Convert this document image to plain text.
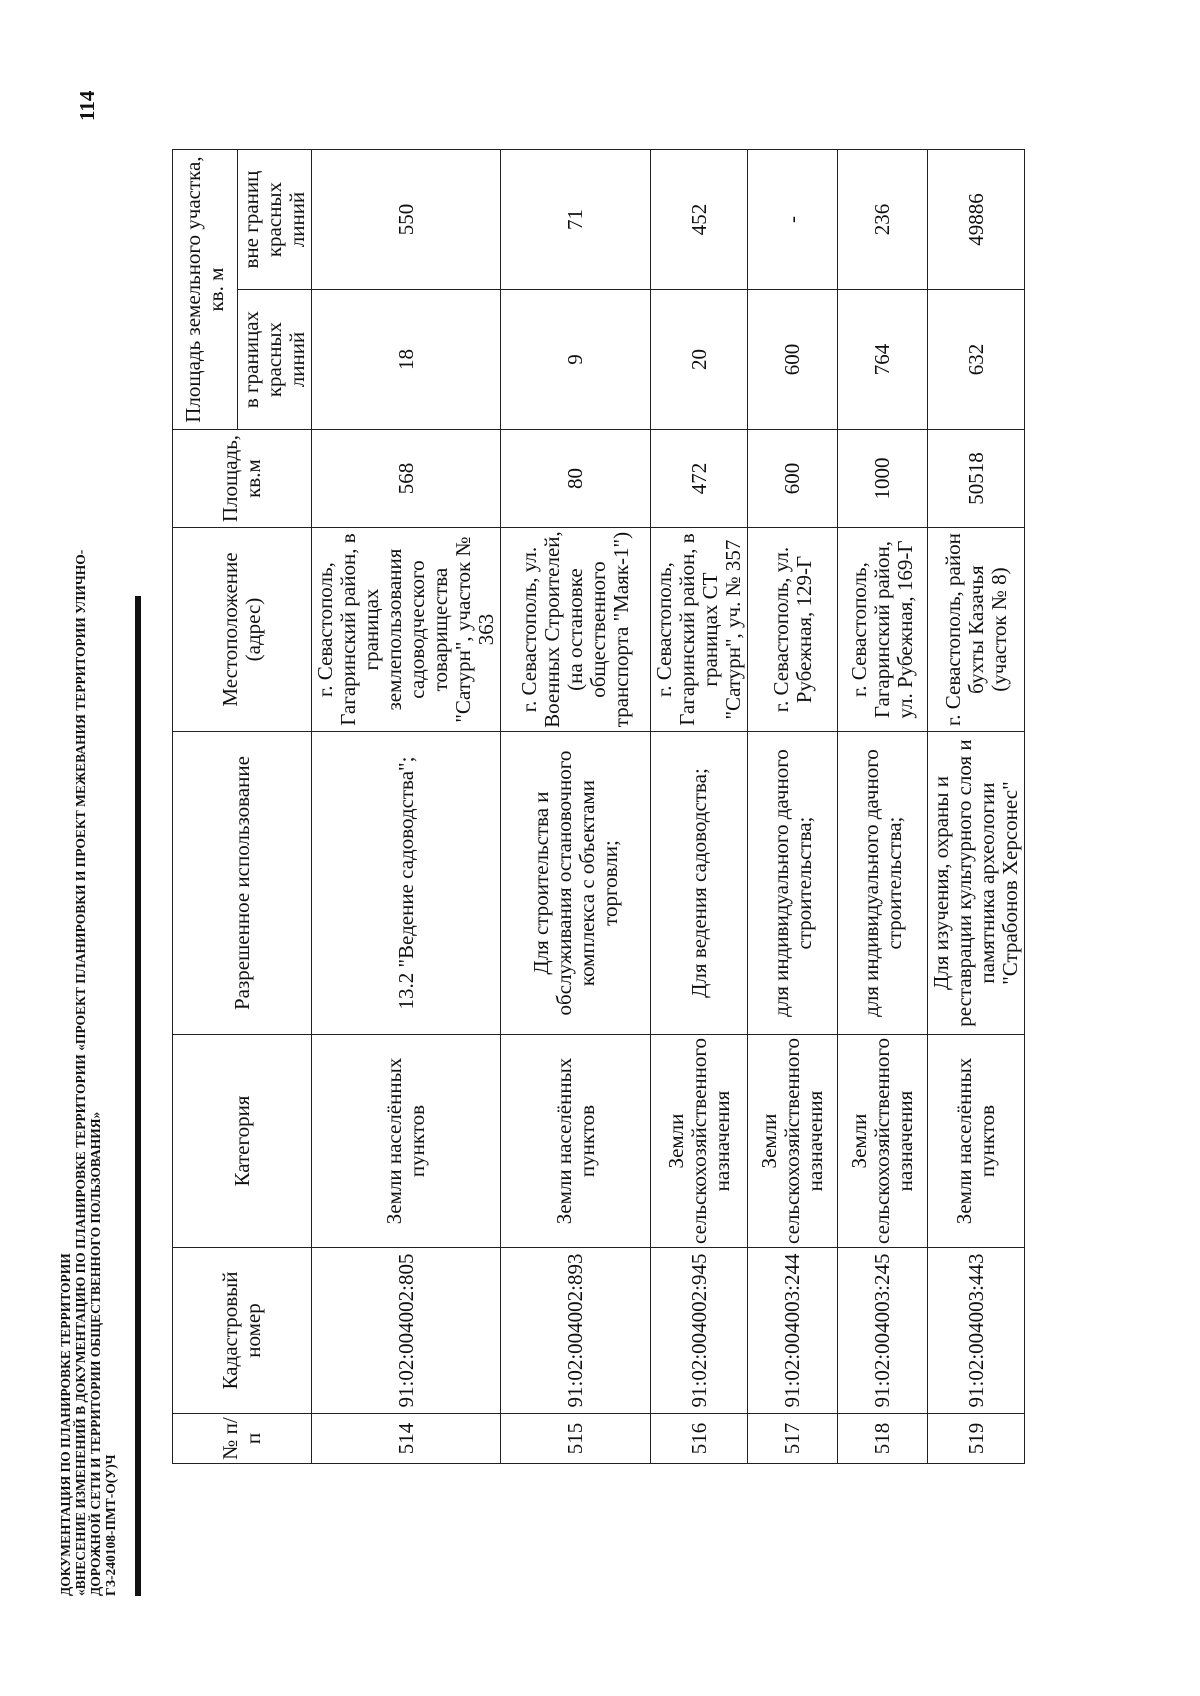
ДОКУМЕНТАЦИЯ ПО ПЛАНИРОВКЕ ТЕРРИТОРИИ «ВНЕСЕНИЕ ИЗМЕНЕНИЙ В ДОКУМЕНТАЦИЮ ПО ПЛАНИРОВКЕ ТЕРРИТОРИИ «ПРОЕКТ ПЛАНИРОВКИ И ПРОЕКТ МЕЖЕВАНИЯ ТЕРРИТОРИИ УЛИЧНО- ДОРОЖНОЙ СЕТИ И ТЕРРИТОРИИ ОБЩЕСТВЕННОГО ПОЛЬЗОВАНИЯ» ГЗ-240108-ПМТ-О(У)Ч
114
№ п/п	Кадастровый номер	Категория	Разрешенное использование	Местоположение (адрес)	Площадь, кв.м	Площадь земельного участка, кв. м	
						в границах красных линий	вне границ красных линий
514	91:02:004002:805	Земли населённых пунктов	13.2 "Ведение садоводства";	г. Севастополь, Гагаринский район, в границах землепользования садоводческого товарищества "Сатурн", участок № 363	568	18	550
515	91:02:004002:893	Земли населённых пунктов	Для строительства и обслуживания остановочного комплекса с объектами торговли;	г. Севастополь, ул. Военных Строителей, (на остановке общественного транспорта "Маяк-1")	80	9	71
516	91:02:004002:945	Земли сельскохозяйственного назначения	Для ведения садоводства;	г. Севастополь, Гагаринский район, в границах СТ "Сатурн", уч. № 357	472	20	452
517	91:02:004003:244	Земли сельскохозяйственного назначения	для индивидуального дачного строительства;	г. Севастополь, ул. Рубежная, 129-Г	600	600	-
518	91:02:004003:245	Земли сельскохозяйственного назначения	для индивидуального дачного строительства;	г. Севастополь, Гагаринский район, ул. Рубежная, 169-Г	1000	764	236
519	91:02:004003:443	Земли населённых пунктов	Для изучения, охраны и реставрации культурного слоя и памятника археологии "Страбонов Херсонес"	г. Севастополь, район бухты Казачья (участок № 8)	50518	632	49886
